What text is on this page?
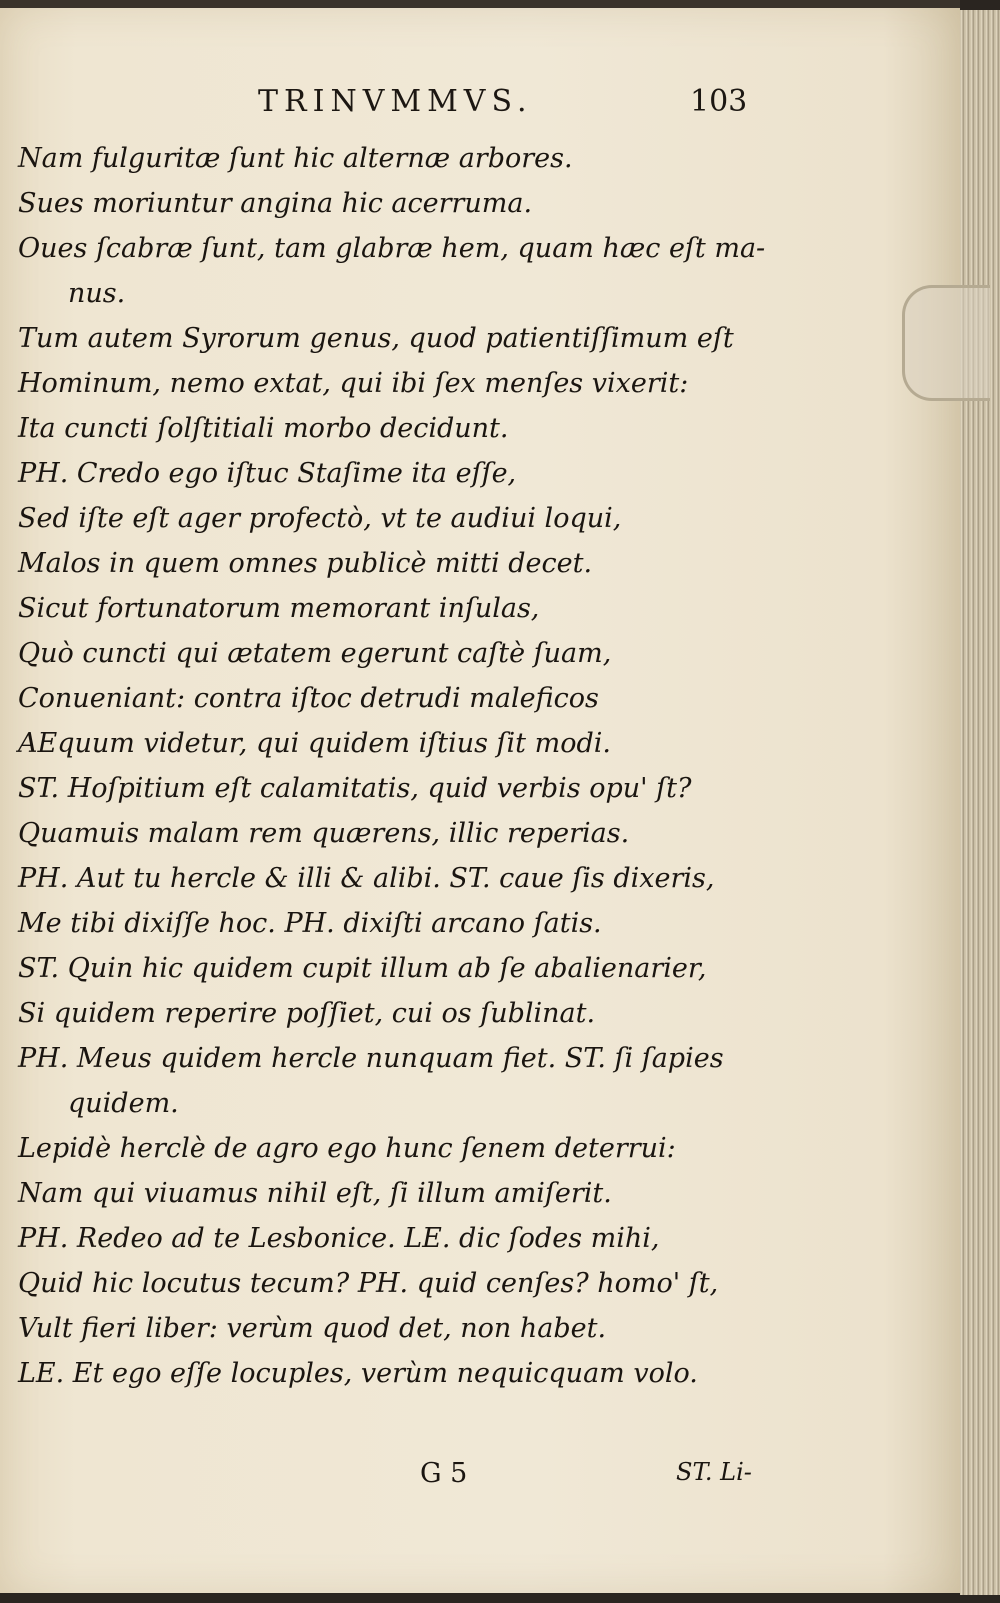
TRINVMMVS.	103
Nam fulguritæ ſunt hic alternæ arbores.
Sues moriuntur angina hic acerruma.
Oues ſcabræ ſunt, tam glabræ hem, quam hæc eſt ma-
nus.
Tum autem Syrorum genus, quod patientiſſimum eſt
Hominum, nemo extat, qui ibi ſex menſes vixerit:
Ita cuncti ſolſtitiali morbo decidunt.
PH. Credo ego iſtuc Staſime ita eſſe,
Sed iſte eſt ager profectò, vt te audiui loqui,
Malos in quem omnes publicè mitti decet.
Sicut fortunatorum memorant inſulas,
Quò cuncti qui ætatem egerunt caſtè ſuam,
Conueniant: contra iſtoc detrudi maleficos
AEquum videtur, qui quidem iſtius ſit modi.
ST. Hoſpitium eſt calamitatis, quid verbis opu' ſt?
Quamuis malam rem quærens, illic reperias.
PH. Aut tu hercle & illi & alibi. ST. caue ſis dixeris,
Me tibi dixiſſe hoc. PH. dixiſti arcano ſatis.
ST. Quin hic quidem cupit illum ab ſe abalienarier,
Si quidem reperire poſſiet, cui os ſublinat.
PH. Meus quidem hercle nunquam fiet. ST. ſi ſapies
quidem.
Lepidè herclè de agro ego hunc ſenem deterrui:
Nam qui viuamus nihil eſt, ſi illum amiſerit.
PH. Redeo ad te Lesbonice. LE. dic ſodes mihi,
Quid hic locutus tecum? PH. quid cenſes? homo' ſt,
Vult fieri liber: verùm quod det, non habet.
LE. Et ego eſſe locuples, verùm nequicquam volo.
G 5	ST. Li-
